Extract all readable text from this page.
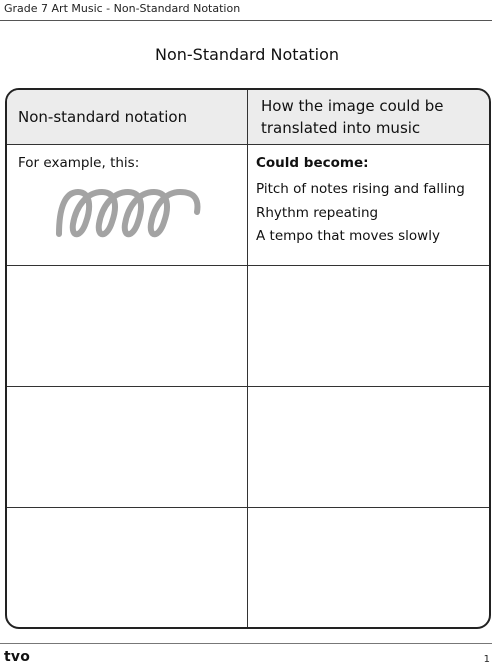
Grade 7 Art Music - Non-Standard Notation
Non-Standard Notation
Non-standard notation
How the image could be translated into music
For example, this:	Could become:
Pitch of notes rising and falling
Rhythm repeating
A tempo that moves slowly
tvo	1
